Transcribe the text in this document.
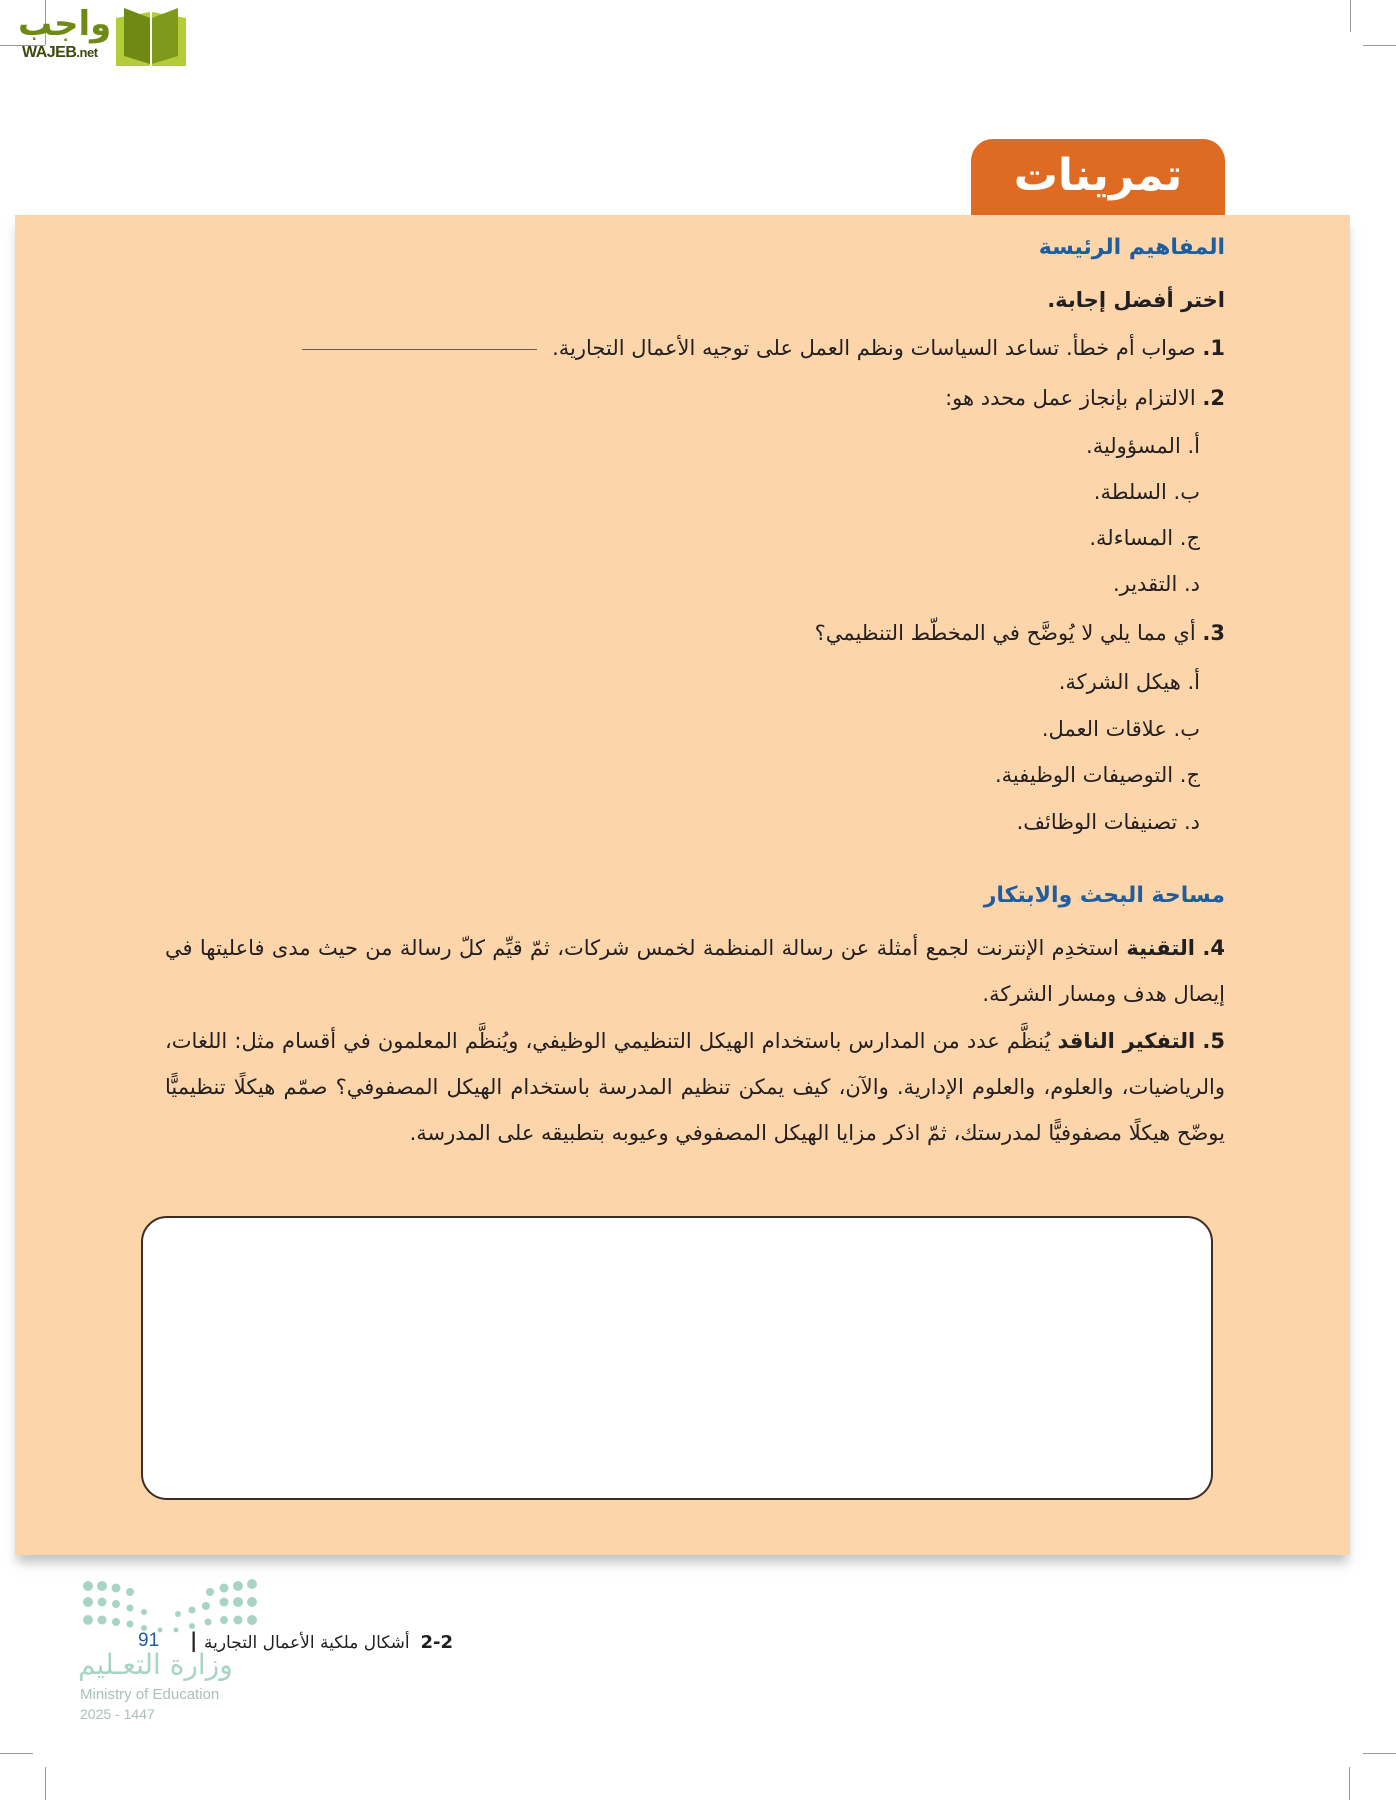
واجب
WAJEB.net
تمرينات
المفاهيم الرئيسة
اختر أفضل إجابة.
1. صواب أم خطأ. تساعد السياسات ونظم العمل على توجيه الأعمال التجارية.
2. الالتزام بإنجاز عمل محدد هو:
أ. المسؤولية.
ب. السلطة.
ج. المساءلة.
د. التقدير.
3. أي مما يلي لا يُوضَّح في المخطّط التنظيمي؟
أ. هيكل الشركة.
ب. علاقات العمل.
ج. التوصيفات الوظيفية.
د. تصنيفات الوظائف.
مساحة البحث والابتكار
4. التقنية استخدِم الإنترنت لجمع أمثلة عن رسالة المنظمة لخمس شركات، ثمّ قيِّم كلّ رسالة من حيث مدى فاعليتها في إيصال هدف ومسار الشركة.
5. التفكير الناقد يُنظَّم عدد من المدارس باستخدام الهيكل التنظيمي الوظيفي، ويُنظَّم المعلمون في أقسام مثل: اللغات، والرياضيات، والعلوم، والعلوم الإدارية. والآن، كيف يمكن تنظيم المدرسة باستخدام الهيكل المصفوفي؟ صمّم هيكلًا تنظيميًّا يوضّح هيكلًا مصفوفيًّا لمدرستك، ثمّ اذكر مزايا الهيكل المصفوفي وعيوبه بتطبيقه على المدرسة.
91 |	2-2  أشكال ملكية الأعمال التجارية
وزارة التعـليم
Ministry of Education
2025 - 1447
